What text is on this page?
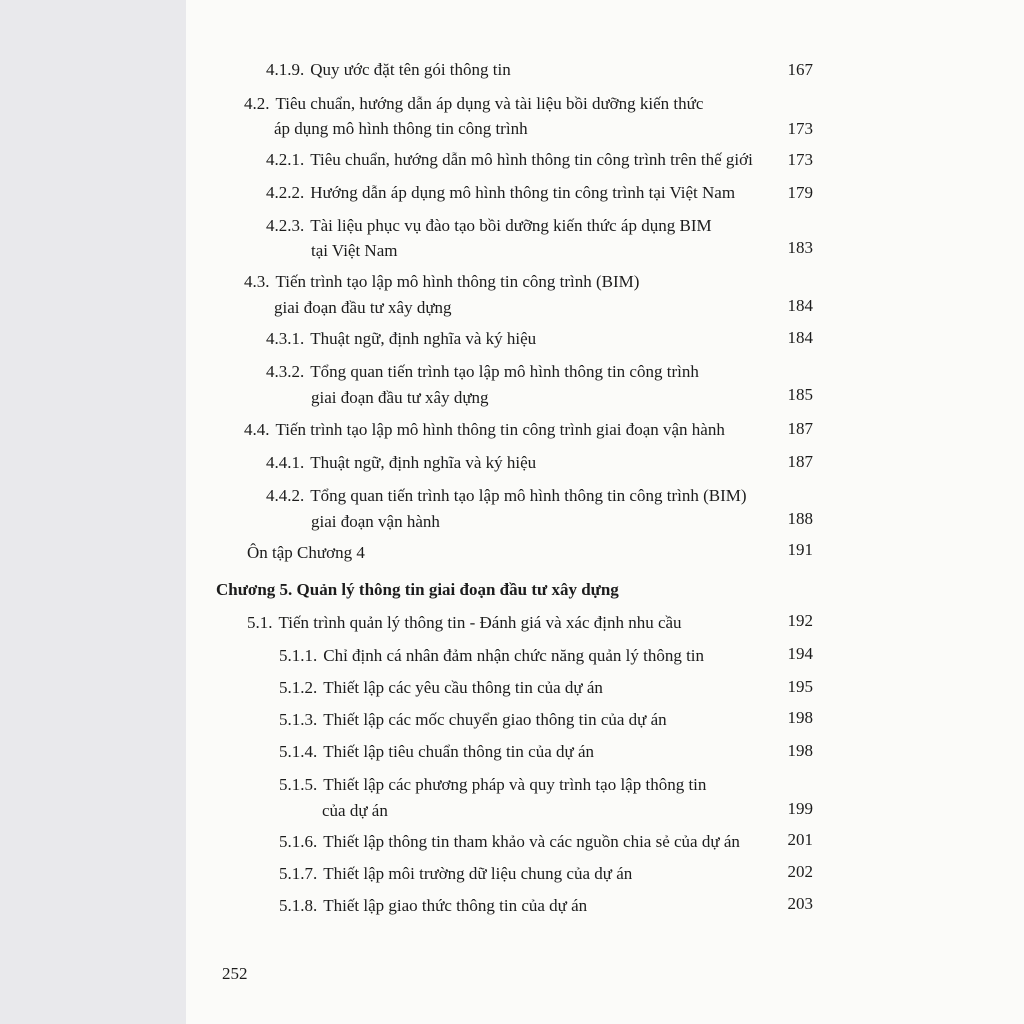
4.1.9. Quy ước đặt tên gói thông tin	167
4.2. Tiêu chuẩn, hướng dẫn áp dụng và tài liệu bồi dưỡng kiến thức
áp dụng mô hình thông tin công trình	173
4.2.1. Tiêu chuẩn, hướng dẫn mô hình thông tin công trình trên thế giới	173
4.2.2. Hướng dẫn áp dụng mô hình thông tin công trình tại Việt Nam	179
4.2.3. Tài liệu phục vụ đào tạo bồi dưỡng kiến thức áp dụng BIM
tại Việt Nam	183
4.3. Tiến trình tạo lập mô hình thông tin công trình (BIM)
giai đoạn đầu tư xây dựng	184
4.3.1. Thuật ngữ, định nghĩa và ký hiệu	184
4.3.2. Tổng quan tiến trình tạo lập mô hình thông tin công trình
giai đoạn đầu tư xây dựng	185
4.4. Tiến trình tạo lập mô hình thông tin công trình giai đoạn vận hành	187
4.4.1. Thuật ngữ, định nghĩa và ký hiệu	187
4.4.2. Tổng quan tiến trình tạo lập mô hình thông tin công trình (BIM)
giai đoạn vận hành	188
Ôn tập Chương 4	191
Chương 5. Quản lý thông tin giai đoạn đầu tư xây dựng
5.1. Tiến trình quản lý thông tin - Đánh giá và xác định nhu cầu	192
5.1.1. Chỉ định cá nhân đảm nhận chức năng quản lý thông tin	194
5.1.2. Thiết lập các yêu cầu thông tin của dự án	195
5.1.3. Thiết lập các mốc chuyển giao thông tin của dự án	198
5.1.4. Thiết lập tiêu chuẩn thông tin của dự án	198
5.1.5. Thiết lập các phương pháp và quy trình tạo lập thông tin
của dự án	199
5.1.6. Thiết lập thông tin tham khảo và các nguồn chia sẻ của dự án	201
5.1.7. Thiết lập môi trường dữ liệu chung của dự án	202
5.1.8. Thiết lập giao thức thông tin của dự án	203
252
